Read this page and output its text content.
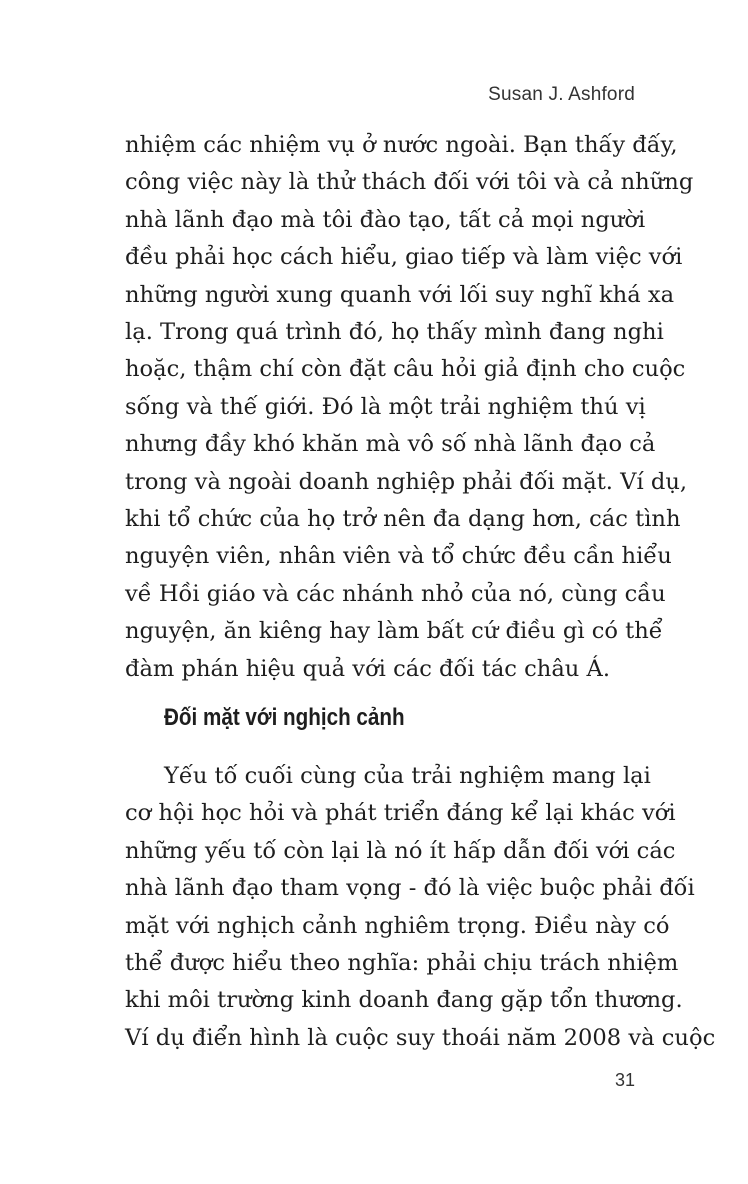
Susan J. Ashford
nhiệm các nhiệm vụ ở nước ngoài. Bạn thấy đấy,
công việc này là thử thách đối với tôi và cả những
nhà lãnh đạo mà tôi đào tạo, tất cả mọi người
đều phải học cách hiểu, giao tiếp và làm việc với
những người xung quanh với lối suy nghĩ khá xa
lạ. Trong quá trình đó, họ thấy mình đang nghi
hoặc, thậm chí còn đặt câu hỏi giả định cho cuộc
sống và thế giới. Đó là một trải nghiệm thú vị
nhưng đầy khó khăn mà vô số nhà lãnh đạo cả
trong và ngoài doanh nghiệp phải đối mặt. Ví dụ,
khi tổ chức của họ trở nên đa dạng hơn, các tình
nguyện viên, nhân viên và tổ chức đều cần hiểu
về Hồi giáo và các nhánh nhỏ của nó, cùng cầu
nguyện, ăn kiêng hay làm bất cứ điều gì có thể
đàm phán hiệu quả với các đối tác châu Á.
Đối mặt với nghịch cảnh
Yếu tố cuối cùng của trải nghiệm mang lại
cơ hội học hỏi và phát triển đáng kể lại khác với
những yếu tố còn lại là nó ít hấp dẫn đối với các
nhà lãnh đạo tham vọng - đó là việc buộc phải đối
mặt với nghịch cảnh nghiêm trọng. Điều này có
thể được hiểu theo nghĩa: phải chịu trách nhiệm
khi môi trường kinh doanh đang gặp tổn thương.
Ví dụ điển hình là cuộc suy thoái năm 2008 và cuộc
31
